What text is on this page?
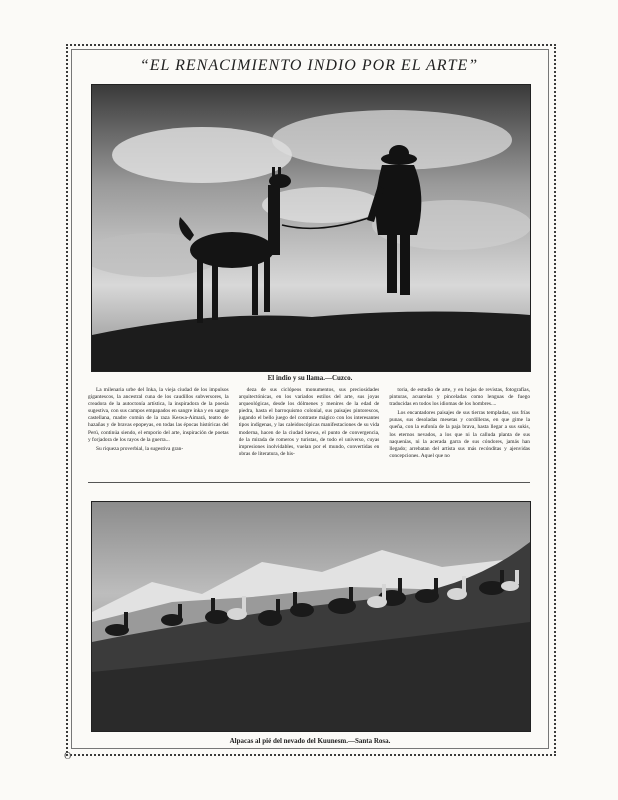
“EL RENACIMIENTO INDIO POR EL ARTE”
El indio y su llama.—Cuzco.

La milenaria urbe del Inka, la vieja ciudad de los impulsos gigantescos, la ancestral cuna de los caudillos subversores, la creadora de la autoctonía artística, la inspiradora de la poesía sugestiva, con sus campos empapados en sangre inka y en sangre castellana, madre común de la raza Keswa-Aimará, teatro de hazañas y de bravas epopeyas, en todas las épocas históricas del Perú, continúa siendo, el emporio del arte, inspiración de poetas y forjadora de los rayos de la guerra...

Su riqueza proverbial, la sugestiva gran-

deza de sus ciclópeos monumentos, sus preciosidades arquitectónicas, en los variados estilos del arte, sus joyas arqueológicas, desde los dólmenes y menires de la edad de piedra, hasta el barroquismo colonial, sus paisajes pintorescos, jugando el bello juego del contraste mágico con los interesantes tipos indígenas, y las caleidoscópicas manifestaciones de su vida moderna, hacen de la ciudad keswa, el punto de convergencia, de la mirada de romeros y turistas, de todo el universo, cuyas impresiones inolvidables, vuelan por el mundo, convertidas en obras de literatura, de his-

toria, de estudio de arte, y en hojas de revistas, fotografías, pinturas, acuarelas y pinceladas como lenguas de fuego traducidas en todos los idiomas de los hombres....

Los encantadores paisajes de sus tierras templadas, sus frías punas, sus desoladas mesetas y cordilleras, en que gime la queña, con la eufonía de la paja brava, hasta llegar a sus sukis, los eternos nevados, a los que ni la calluda planta de sus naquenías, ni la acerada garra de sus cóndores, jamás han llegado; arrebatan del artista sus más recónditas y ajenvidas concepciones. Aquel que no

Alpacas al pié del nevado del Kuunesm.—Santa Rosa.
ʘ
